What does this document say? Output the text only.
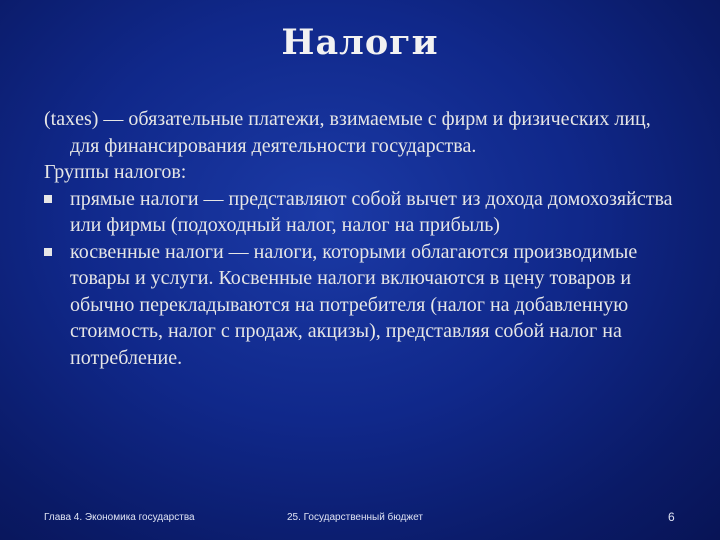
Налоги

(taxes) — обязательные платежи, взимаемые с фирм и физических лиц, для финансирования деятельности государства.

Группы налогов:

прямые налоги — представляют собой вычет из дохода домохозяйства или фирмы (подоходный налог, налог на прибыль)
косвенные налоги — налоги, которыми облагаются производимые товары и услуги. Косвенные налоги включаются в цену товаров и обычно перекладываются на потребителя (налог на добавленную стоимость, налог с продаж, акцизы), представляя собой налог на потребление.
Глава 4. Экономика государства	25. Государственный бюджет	6
